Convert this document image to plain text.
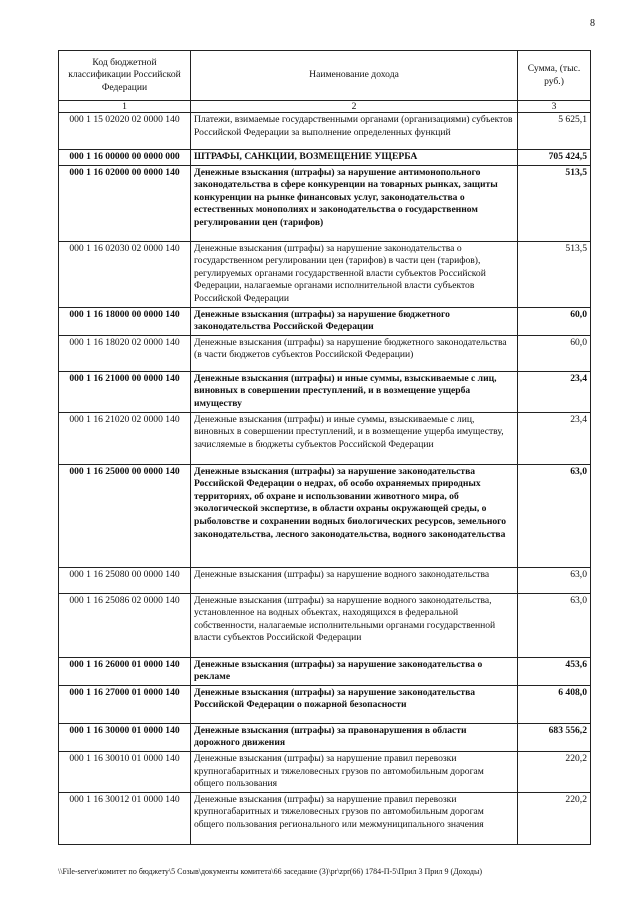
8
Код бюджетной классификации Российской Федерации	Наименование дохода	Сумма, (тыс. руб.)
1	2	3
000 1 15 02020 02 0000 140	Платежи, взимаемые государственными органами (организациями) субъектов Российской Федерации за выполнение определенных функций	5 625,1
000 1 16 00000 00 0000 000	ШТРАФЫ, САНКЦИИ, ВОЗМЕЩЕНИЕ УЩЕРБА	705 424,5
000 1 16 02000 00 0000 140	Денежные взыскания (штрафы) за нарушение антимонопольного законодательства в сфере конкуренции на товарных рынках, защиты конкуренции на рынке финансовых услуг, законодательства о естественных монополиях и законодательства о государственном регулировании цен (тарифов)	513,5
000 1 16 02030 02 0000 140	Денежные взыскания (штрафы) за нарушение законодательства о государственном регулировании цен (тарифов) в части цен (тарифов), регулируемых органами государственной власти субъектов Российской Федерации, налагаемые органами исполнительной власти субъектов Российской Федерации	513,5
000 1 16 18000 00 0000 140	Денежные взыскания (штрафы) за нарушение бюджетного законодательства Российской Федерации	60,0
000 1 16 18020 02 0000 140	Денежные взыскания (штрафы) за нарушение бюджетного законодательства (в части бюджетов субъектов Российской Федерации)	60,0
000 1 16 21000 00 0000 140	Денежные взыскания (штрафы) и иные суммы, взыскиваемые с лиц, виновных в совершении преступлений, и в возмещение ущерба имуществу	23,4
000 1 16 21020 02 0000 140	Денежные взыскания (штрафы) и иные суммы, взыскиваемые с лиц, виновных в совершении преступлений, и в возмещение ущерба имуществу, зачисляемые в бюджеты субъектов Российской Федерации	23,4
000 1 16 25000 00 0000 140	Денежные взыскания (штрафы) за нарушение законодательства Российской Федерации о недрах, об особо охраняемых природных территориях, об охране и использовании животного мира, об экологической экспертизе, в области охраны окружающей среды, о рыболовстве и сохранении водных биологических ресурсов, земельного законодательства, лесного законодательства, водного законодательства	63,0
000 1 16 25080 00 0000 140	Денежные взыскания (штрафы) за нарушение водного законодательства	63,0
000 1 16 25086 02 0000 140	Денежные взыскания (штрафы) за нарушение водного законодательства, установленное на водных объектах, находящихся в федеральной собственности, налагаемые исполнительными органами государственной власти субъектов Российской Федерации	63,0
000 1 16 26000 01 0000 140	Денежные взыскания (штрафы) за нарушение законодательства о рекламе	453,6
000 1 16 27000 01 0000 140	Денежные взыскания (штрафы) за нарушение законодательства Российской Федерации о пожарной безопасности	6 408,0
000 1 16 30000 01 0000 140	Денежные взыскания (штрафы) за правонарушения в области дорожного движения	683 556,2
000 1 16 30010 01 0000 140	Денежные взыскания (штрафы) за нарушение правил перевозки крупногабаритных и тяжеловесных грузов по автомобильным дорогам общего пользования	220,2
000 1 16 30012 01 0000 140	Денежные взыскания (штрафы) за нарушение правил перевозки крупногабаритных и тяжеловесных грузов по автомобильным дорогам общего пользования регионального или межмуниципального значения	220,2
\\File-server\комитет по бюджету\5 Созыв\документы комитета\66 заседание (3)\pr\zpr(66) 1784-П-5\Прил 3 Прил 9 (Доходы)
